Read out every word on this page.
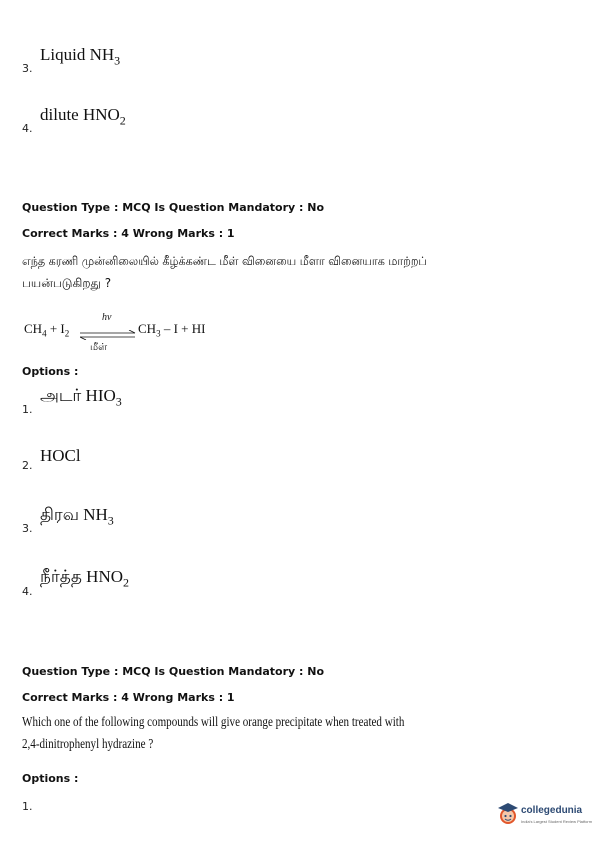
3.
Liquid $NH_3$
4.
dilute $HNO_2$
Question Type : MCQ Is Question Mandatory : No
Correct Marks : 4 Wrong Marks : 1
எந்த கரணி முன்னிலையில் கீழ்க்கண்ட மீள் வினையை மீளா வினையாக மாற்றப்
பயன்படுகிறது ?
$CH_4 + I_2$
hν
மீள்
$CH_3$ – I + HI
Options :
1.
அடர் $HIO_3$
2.
HOCl
3.
திரவ $NH_3$
4.
நீர்த்த $HNO_2$
Question Type : MCQ Is Question Mandatory : No
Correct Marks : 4 Wrong Marks : 1
Which one of the following compounds will give orange precipitate when treated with
2,4-dinitrophenyl hydrazine ?
Options :
1.	collegedunia
India's Largest Student Review Platform
